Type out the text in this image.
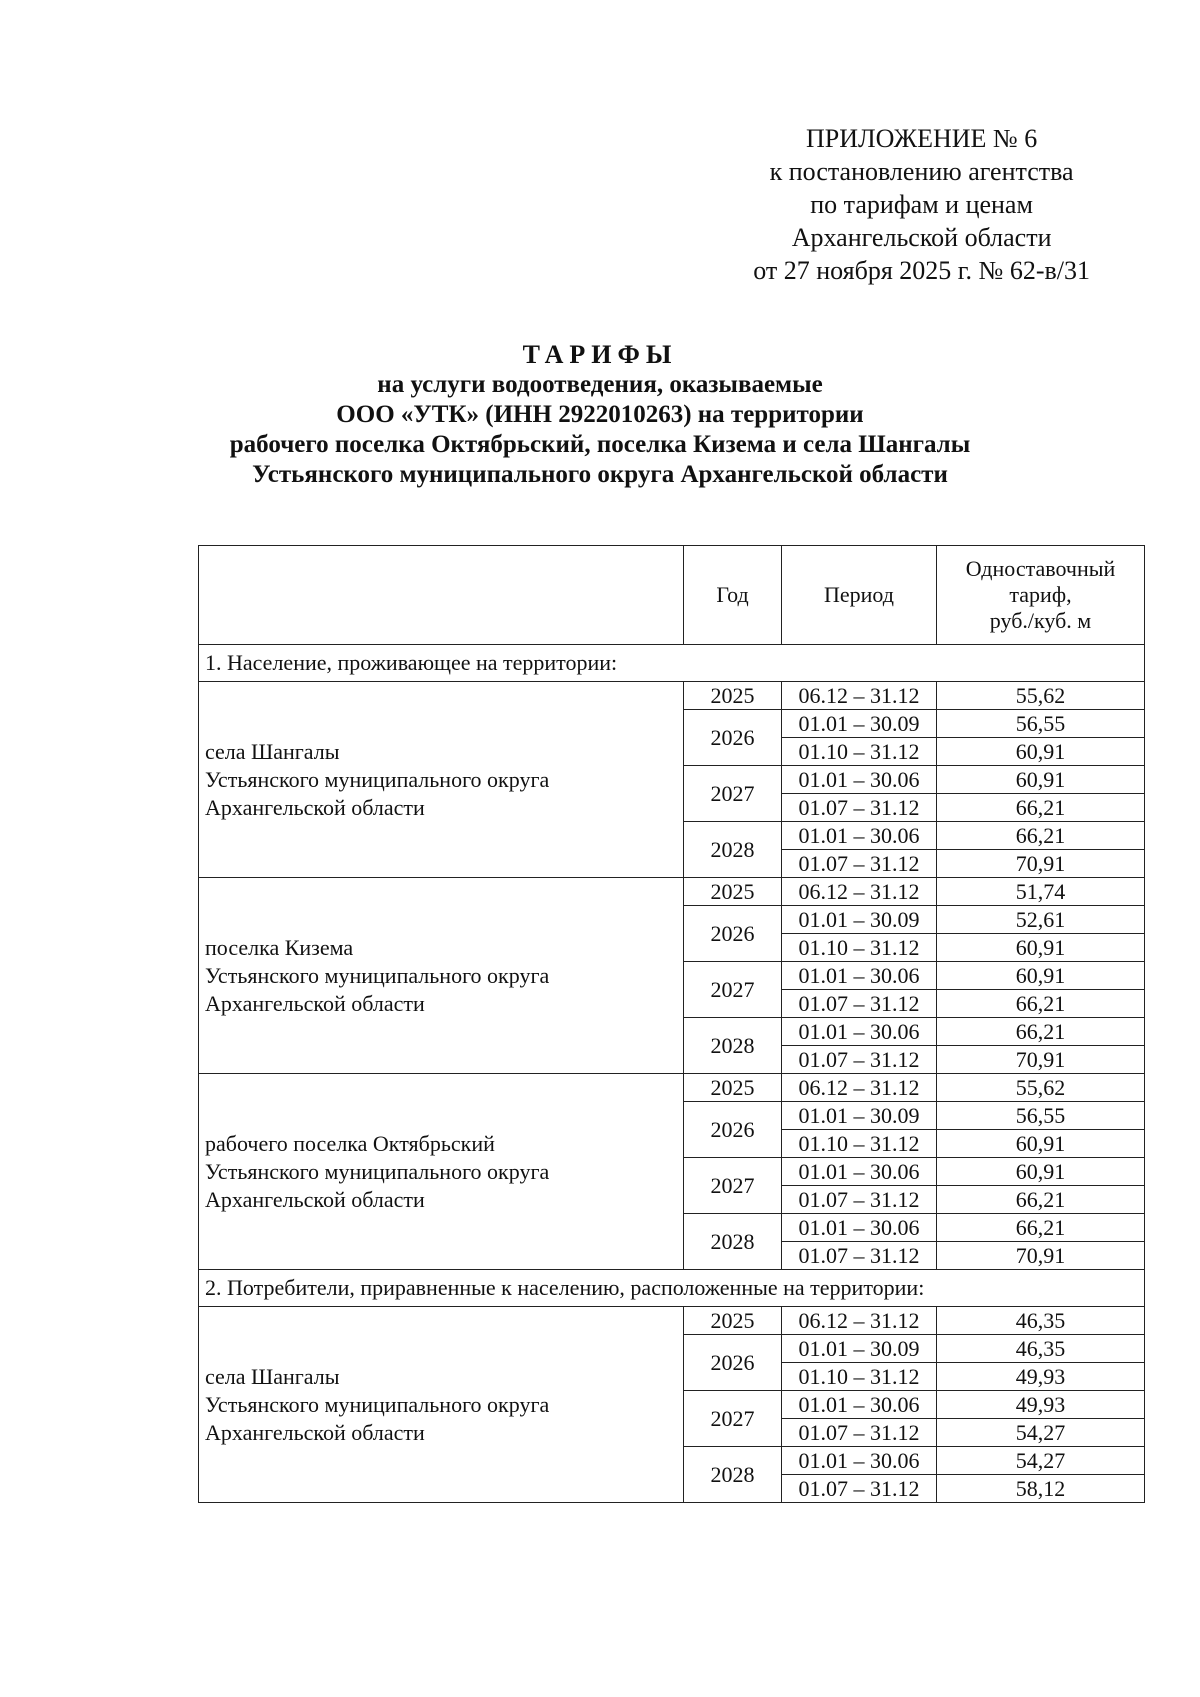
ПРИЛОЖЕНИЕ № 6
к постановлению агентства
по тарифам и ценам
Архангельской области
от 27 ноября 2025 г. № 62-в/31
ТАРИФЫ
на услуги водоотведения, оказываемые
ООО «УТК» (ИНН 2922010263) на территории
рабочего поселка Октябрьский, поселка Кизема и села Шангалы
Устьянского муниципального округа Архангельской области
	Год	Период	Одноставочный
тариф,
руб./куб. м

1. Население, проживающее на территории:			

села Шангалы
Устьянского муниципального округа
Архангельской области	2025	06.12 – 31.12	55,62
	2026	01.01 – 30.09	56,55
		01.10 – 31.12	60,91
	2027	01.01 – 30.06	60,91
		01.07 – 31.12	66,21
	2028	01.01 – 30.06	66,21
		01.07 – 31.12	70,91

поселка Кизема
Устьянского муниципального округа
Архангельской области	2025	06.12 – 31.12	51,74
	2026	01.01 – 30.09	52,61
		01.10 – 31.12	60,91
	2027	01.01 – 30.06	60,91
		01.07 – 31.12	66,21
	2028	01.01 – 30.06	66,21
		01.07 – 31.12	70,91

рабочего поселка Октябрьский
Устьянского муниципального округа
Архангельской области	2025	06.12 – 31.12	55,62
	2026	01.01 – 30.09	56,55
		01.10 – 31.12	60,91
	2027	01.01 – 30.06	60,91
		01.07 – 31.12	66,21
	2028	01.01 – 30.06	66,21
		01.07 – 31.12	70,91
2. Потребители, приравненные к населению, расположенные на территории:			

села Шангалы
Устьянского муниципального округа
Архангельской области	2025	06.12 – 31.12	46,35
	2026	01.01 – 30.09	46,35
		01.10 – 31.12	49,93
	2027	01.01 – 30.06	49,93
		01.07 – 31.12	54,27
	2028	01.01 – 30.06	54,27
		01.07 – 31.12	58,12
